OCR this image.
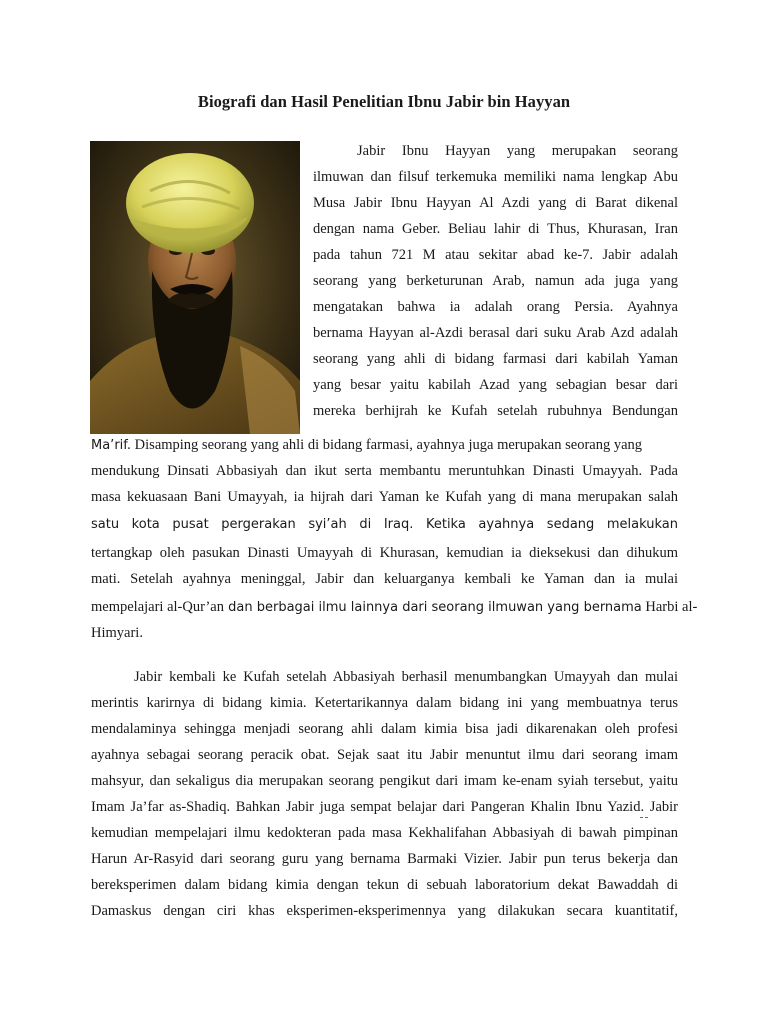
Biografi dan Hasil Penelitian Ibnu Jabir bin Hayyan
Jabir Ibnu Hayyan yang merupakan seorang
ilmuwan dan filsuf terkemuka memiliki nama lengkap Abu
Musa Jabir Ibnu Hayyan Al Azdi yang di Barat dikenal
dengan nama Geber. Beliau lahir di Thus, Khurasan, Iran
pada tahun 721 M atau sekitar abad ke-7. Jabir adalah
seorang yang berketurunan Arab, namun ada juga yang
mengatakan bahwa ia adalah orang Persia. Ayahnya
bernama Hayyan al-Azdi berasal dari suku Arab Azd adalah
seorang yang ahli di bidang farmasi dari kabilah Yaman
yang besar yaitu kabilah Azad yang sebagian besar dari
mereka berhijrah ke Kufah setelah rubuhnya Bendungan
Ma’rif. Disamping seorang yang ahli di bidang farmasi, ayahnya juga merupakan seorang yang
mendukung Dinsati Abbasiyah dan ikut serta membantu meruntuhkan Dinasti Umayyah. Pada
masa kekuasaan Bani Umayyah, ia hijrah dari Yaman ke Kufah yang di mana merupakan salah
satu kota pusat pergerakan syi’ah di Iraq. Ketika ayahnya sedang melakukan
tertangkap oleh pasukan Dinasti Umayyah di Khurasan, kemudian ia dieksekusi dan dihukum
mati. Setelah ayahnya meninggal, Jabir dan keluarganya kembali ke Yaman dan ia mulai
mempelajari al-Qur’an dan berbagai ilmu lainnya dari seorang ilmuwan yang bernama Harbi al-
Himyari.
Jabir kembali ke Kufah setelah Abbasiyah berhasil menumbangkan Umayyah dan mulai
merintis karirnya di bidang kimia. Ketertarikannya dalam bidang ini yang membuatnya terus
mendalaminya sehingga menjadi seorang ahli dalam kimia bisa jadi dikarenakan oleh profesi
ayahnya sebagai seorang peracik obat. Sejak saat itu Jabir menuntut ilmu dari seorang imam
mahsyur, dan sekaligus dia merupakan seorang pengikut dari imam ke-enam syiah tersebut, yaitu
Imam Ja’far as-Shadiq. Bahkan Jabir juga sempat belajar dari Pangeran Khalin Ibnu Yazid. Jabir
kemudian mempelajari ilmu kedokteran pada masa Kekhalifahan Abbasiyah di bawah pimpinan
Harun Ar-Rasyid dari seorang guru yang bernama Barmaki Vizier. Jabir pun terus bekerja dan
bereksperimen dalam bidang kimia dengan tekun di sebuah laboratorium dekat Bawaddah di
Damaskus dengan ciri khas eksperimen-eksperimennya yang dilakukan secara kuantitatif,
